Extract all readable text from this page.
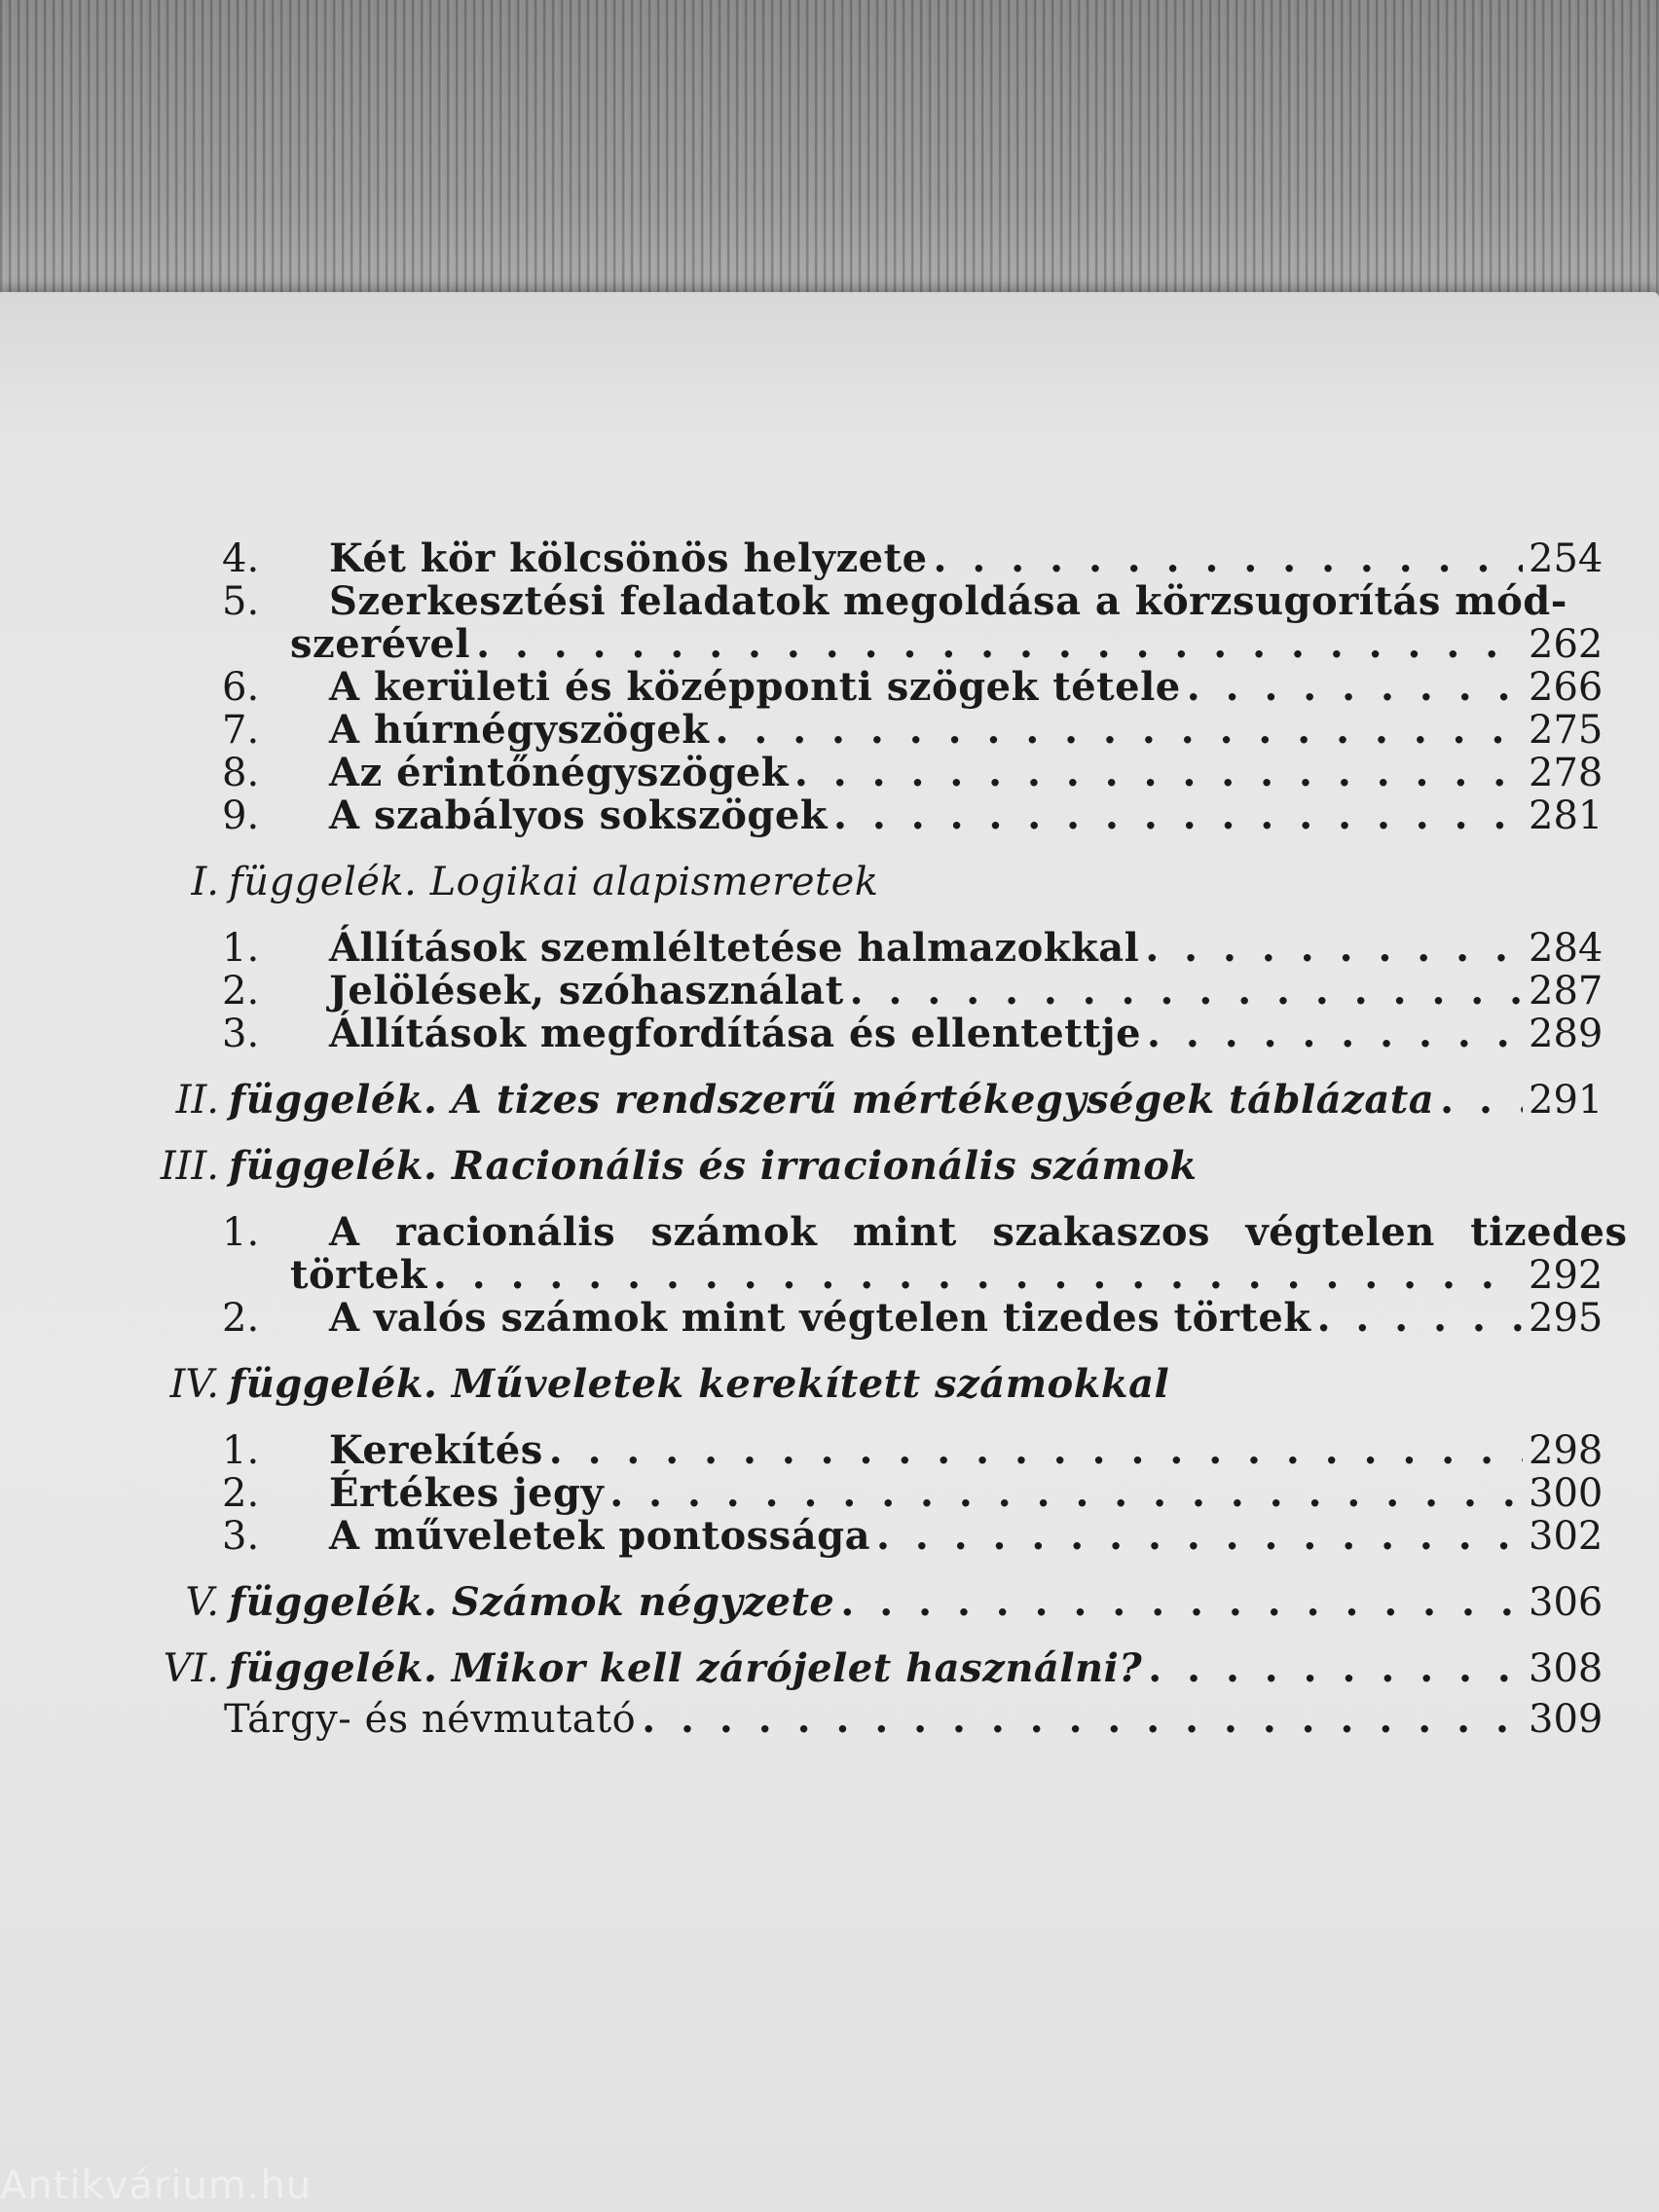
4.	Két kör kölcsönös helyzete . . .	254
5.	Szerkesztési feladatok megoldása a körzsugorítás mód-
szerével . . .	262
6.	A kerületi és középponti szögek tétele . . .	266
7.	A húrnégyszögek . . .	275
8.	Az érintőnégyszögek . . .	278
9.	A szabályos sokszögek . . .	281
I. függelék. Logikai alapismeretek
1.	Állítások szemléltetése halmazokkal . . .	284
2.	Jelölések, szóhasználat . . .	287
3.	Állítások megfordítása és ellentettje . . .	289
II. függelék. A tizes rendszerű mértékegységek táblázata . . . 291
III. függelék. Racionális és irracionális számok
1.	A racionális számok mint szakaszos végtelen tizedes
törtek . . .	292
2.	A valós számok mint végtelen tizedes törtek . . .	295
IV. függelék. Műveletek kerekített számokkal
1.	Kerekítés . . .	298
2.	Értékes jegy . . .	300
3.	A műveletek pontossága . . .	302
V. függelék. Számok négyzete . . .	306
VI. függelék. Mikor kell zárójelet használni? . . .	308
Tárgy- és névmutató . . .	309
Antikvárium.hu
